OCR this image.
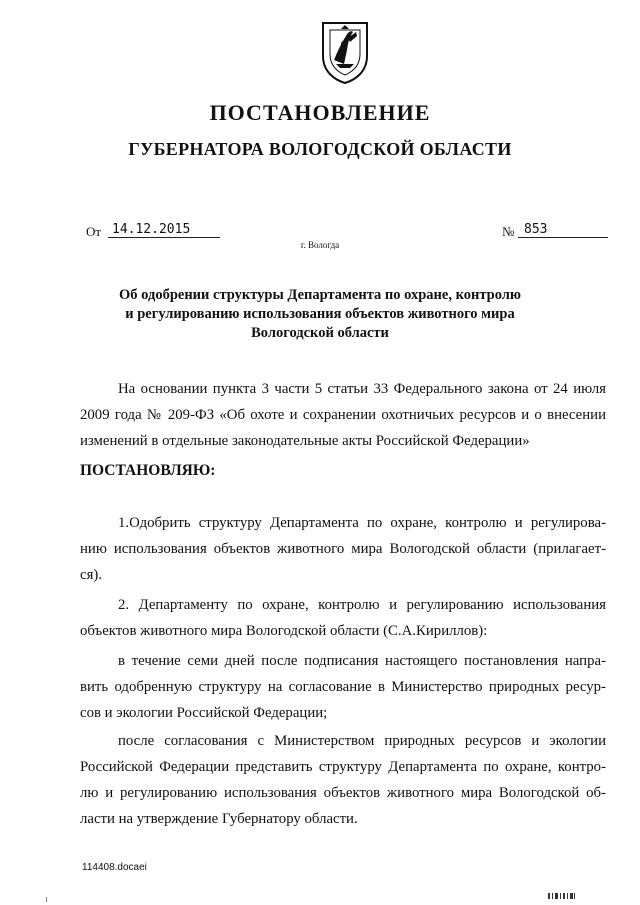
ПОСТАНОВЛЕНИЕ
ГУБЕРНАТОРА ВОЛОГОДСКОЙ ОБЛАСТИ
От 14.12.2015	№ 853
г. Вологда
Об одобрении структуры Департамента по охране, контролю
и регулированию использования объектов животного мира
Вологодской области
На основании пункта 3 части 5 статьи 33 Федерального закона от 24 июля
2009 года № 209-ФЗ «Об охоте и сохранении охотничьих ресурсов и о внесении
изменений в отдельные законодательные акты Российской Федерации»
ПОСТАНОВЛЯЮ:
1.Одобрить структуру Департамента по охране, контролю и регулирова-
нию использования объектов животного мира Вологодской области (прилагает-
ся).
2. Департаменту по охране, контролю и регулированию использования
объектов животного мира Вологодской области (С.А.Кириллов):
в течение семи дней после подписания настоящего постановления напра-
вить одобренную структуру на согласование в Министерство природных ресур-
сов и экологии Российской Федерации;
после согласования с Министерством природных ресурсов и экологии
Российской Федерации представить структуру Департамента по охране, контро-
лю и регулированию использования объектов животного мира Вологодской об-
ласти на утверждение Губернатору области.
114408.docaei
